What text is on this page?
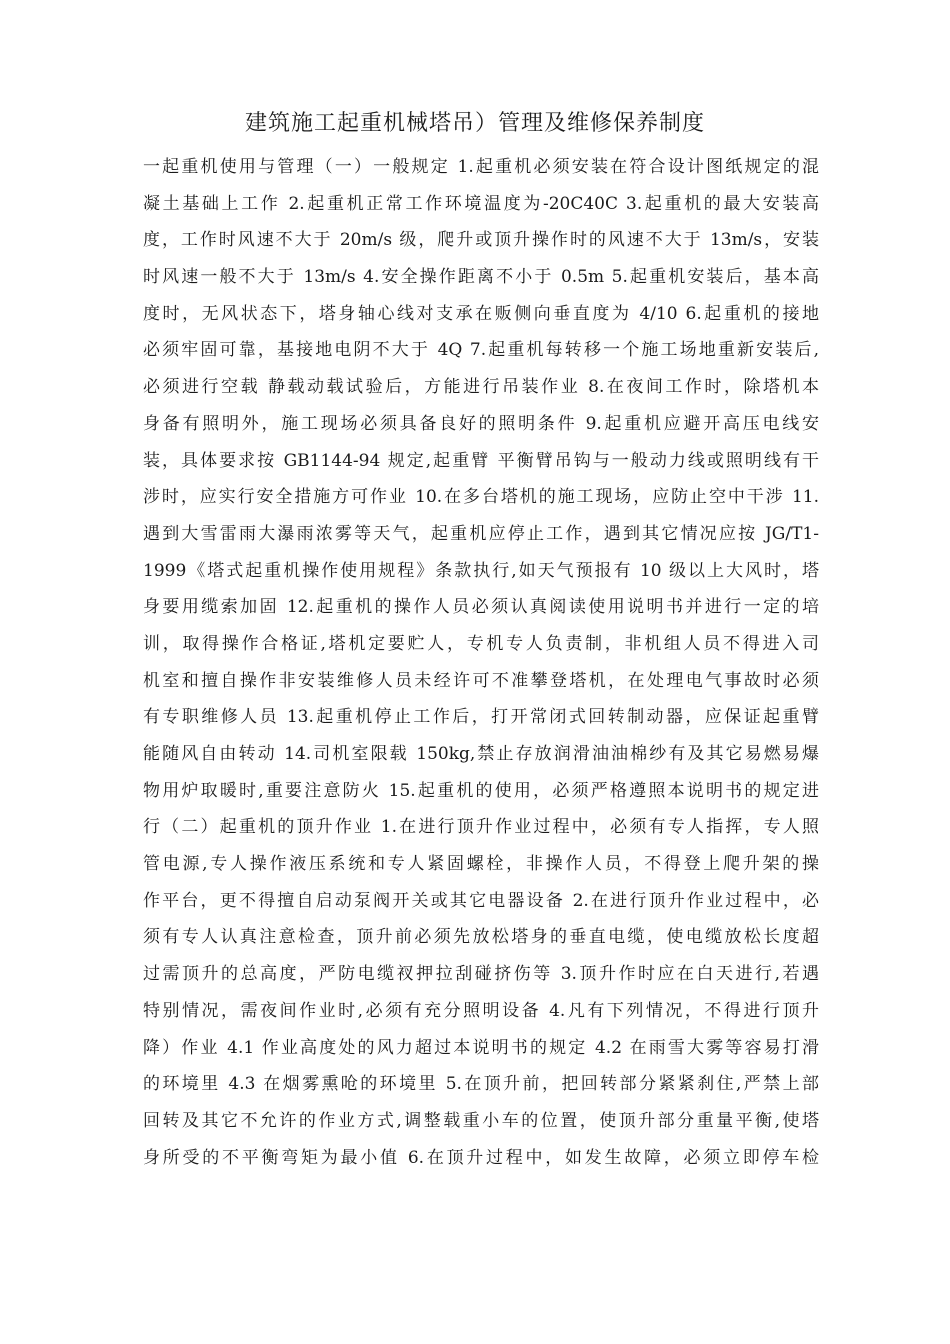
建筑施工起重机械塔吊）管理及维修保养制度
一起重机使用与管理（一）一般规定 1.起重机必须安装在符合设计图纸规定的混
凝土基础上工作 2.起重机正常工作环境温度为-20C40C 3.起重机的最大安装高
度，工作时风速不大于 20m/s 级，爬升或顶升操作时的风速不大于 13m/s，安装
时风速一般不大于 13m/s 4.安全操作距离不小于 0.5m 5.起重机安装后，基本高
度时，无风状态下，塔身轴心线对支承在贩侧向垂直度为 4/10 6.起重机的接地
必须牢固可靠，基接地电阴不大于 4Q 7.起重机每转移一个施工场地重新安装后,
必须进行空载 静载动载试验后，方能进行吊装作业 8.在夜间工作时，除塔机本
身备有照明外，施工现场必须具备良好的照明条件 9.起重机应避开高压电线安
装，具体要求按 GB1144-94 规定,起重臂 平衡臂吊钩与一般动力线或照明线有干
涉时，应实行安全措施方可作业 10.在多台塔机的施工现场，应防止空中干涉 11.
遇到大雪雷雨大瀑雨浓雾等天气，起重机应停止工作，遇到其它情况应按 JG/T1-
1999《塔式起重机操作使用规程》条款执行,如天气预报有 10 级以上大风时，塔
身要用缆索加固 12.起重机的操作人员必须认真阅读使用说明书并进行一定的培
训，取得操作合格证,塔机定要贮人，专机专人负责制，非机组人员不得进入司
机室和擅自操作非安装维修人员未经许可不准攀登塔机，在处理电气事故时必须
有专职维修人员 13.起重机停止工作后，打开常闭式回转制动器，应保证起重臂
能随风自由转动 14.司机室限载 150kg,禁止存放润滑油油棉纱有及其它易燃易爆
物用炉取暖时,重要注意防火 15.起重机的使用，必须严格遵照本说明书的规定进
行（二）起重机的顶升作业 1.在进行顶升作业过程中，必须有专人指挥，专人照
管电源,专人操作液压系统和专人紧固螺栓，非操作人员，不得登上爬升架的操
作平台，更不得擅自启动泵阀开关或其它电器设备 2.在进行顶升作业过程中，必
须有专人认真注意检查，顶升前必须先放松塔身的垂直电缆，使电缆放松长度超
过需顶升的总高度，严防电缆衩押拉刮碰挤伤等 3.顶升作时应在白天进行,若遇
特别情况，需夜间作业时,必须有充分照明设备 4.凡有下列情况，不得进行顶升
降）作业 4.1 作业高度处的风力超过本说明书的规定 4.2 在雨雪大雾等容易打滑
的环境里 4.3 在烟雾熏呛的环境里 5.在顶升前，把回转部分紧紧刹住,严禁上部
回转及其它不允许的作业方式,调整载重小车的位置，使顶升部分重量平衡,使塔
身所受的不平衡弯矩为最小值 6.在顶升过程中，如发生故障，必须立即停车检
